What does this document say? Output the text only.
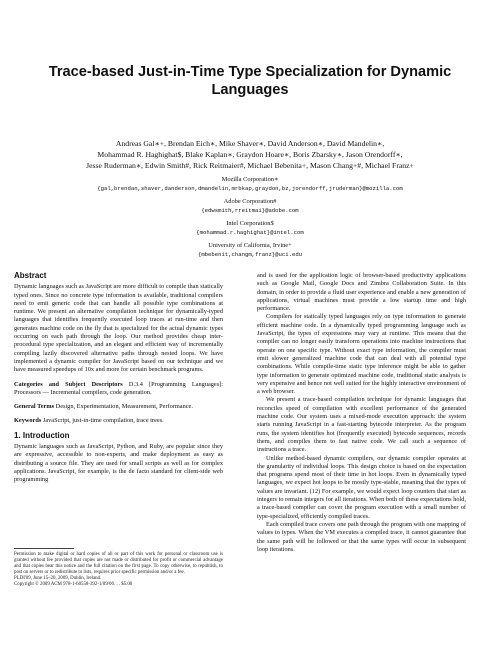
Trace-based Just-in-Time Type Specialization for Dynamic Languages
Andreas Gal∗+, Brendan Eich∗, Mike Shaver∗, David Anderson∗, David Mandelin∗,
Mohammad R. Haghighat$, Blake Kaplan∗, Graydon Hoare∗, Boris Zbarsky∗, Jason Orendorff∗,
Jesse Ruderman∗, Edwin Smith#, Rick Reitmaier#, Michael Bebenita+, Mason Chang+#, Michael Franz+
Mozilla Corporation∗
{gal,brendan,shaver,danderson,dmandelin,mrbkap,graydon,bz,jorendorff,jruderman}@mozilla.com
Adobe Corporation#
{edwsmith,rreitmai}@adobe.com
Intel Corporation$
{mohammad.r.haghighat}@intel.com
University of California, Irvine+
{mbebenit,changm,franz}@uci.edu
Abstract

Dynamic languages such as JavaScript are more difficult to compile than statically typed ones. Since no concrete type information is available, traditional compilers need to emit generic code that can handle all possible type combinations at runtime. We present an alternative compilation technique for dynamically-typed languages that identifies frequently executed loop traces at run-time and then generates machine code on the fly that is specialized for the actual dynamic types occurring on each path through the loop. Our method provides cheap inter-procedural type specialization, and an elegant and efficient way of incrementally compiling lazily discovered alternative paths through nested loops. We have implemented a dynamic compiler for JavaScript based on our technique and we have measured speedups of 10x and more for certain benchmark programs.

Categories and Subject Descriptors D.3.4 [Programming Languages]: Processors — Incremental compilers, code generation.

General Terms Design, Experimentation, Measurement, Performance.

Keywords JavaScript, just-in-time compilation, trace trees.

1. Introduction

Dynamic languages such as JavaScript, Python, and Ruby, are popular since they are expressive, accessible to non-experts, and make deployment as easy as distributing a source file. They are used for small scripts as well as for complex applications. JavaScript, for example, is the de facto standard for client-side web programming

Permission to make digital or hard copies of all or part of this work for personal or classroom use is granted without fee provided that copies are not made or distributed for profit or commercial advantage and that copies bear this notice and the full citation on the first page. To copy otherwise, to republish, to post on servers or to redistribute to lists, requires prior specific permission and/or a fee.

PLDI'09, June 15–20, 2009, Dublin, Ireland.

Copyright © 2009 ACM 978-1-60558-392-1/09/06. . . $5.00

and is used for the application logic of browser-based productivity applications such as Google Mail, Google Docs and Zimbra Collaboration Suite. In this domain, in order to provide a fluid user experience and enable a new generation of applications, virtual machines must provide a low startup time and high performance.

Compilers for statically typed languages rely on type information to generate efficient machine code. In a dynamically typed programming language such as JavaScript, the types of expressions may vary at runtime. This means that the compiler can no longer easily transform operations into machine instructions that operate on one specific type. Without exact type information, the compiler must emit slower generalized machine code that can deal with all potential type combinations. While compile-time static type inference might be able to gather type information to generate optimized machine code, traditional static analysis is very expensive and hence not well suited for the highly interactive environment of a web browser.

We present a trace-based compilation technique for dynamic languages that reconciles speed of compilation with excellent performance of the generated machine code. Our system uses a mixed-mode execution approach: the system starts running JavaScript in a fast-starting bytecode interpreter. As the program runs, the system identifies hot (frequently executed) bytecode sequences, records them, and compiles them to fast native code. We call such a sequence of instructions a trace.

Unlike method-based dynamic compilers, our dynamic compiler operates at the granularity of individual loops. This design choice is based on the expectation that programs spend most of their time in hot loops. Even in dynamically typed languages, we expect hot loops to be mostly type-stable, meaning that the types of values are invariant. (12) For example, we would expect loop counters that start as integers to remain integers for all iterations. When both of these expectations hold, a trace-based compiler can cover the program execution with a small number of type-specialized, efficiently compiled traces.

Each compiled trace covers one path through the program with one mapping of values to types. When the VM executes a compiled trace, it cannot guarantee that the same path will be followed or that the same types will occur in subsequent loop iterations.
